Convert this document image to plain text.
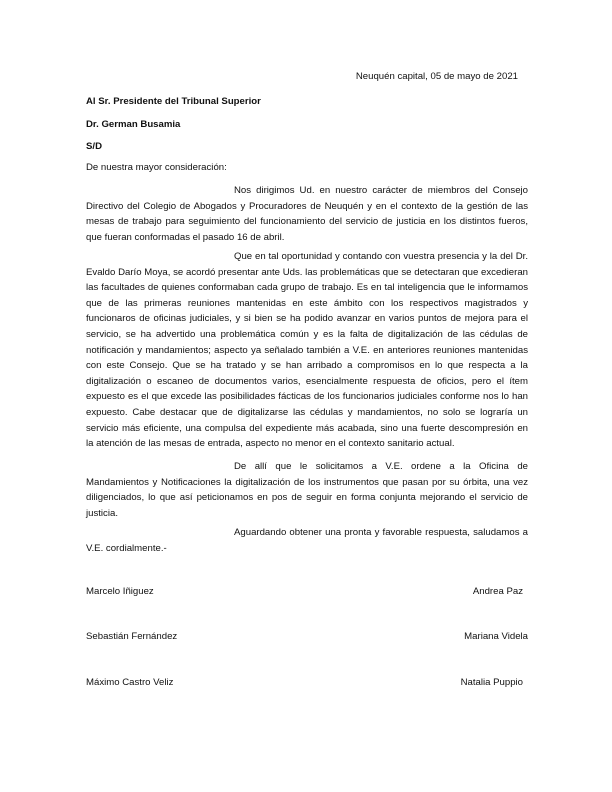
Neuquén capital, 05 de mayo de 2021
Al Sr. Presidente del Tribunal Superior
Dr. German Busamia
S/D
De nuestra mayor consideración:

Nos dirigimos Ud. en nuestro carácter de miembros del Consejo Directivo del Colegio de Abogados y Procuradores de Neuquén y en el contexto de la gestión de las mesas de trabajo para seguimiento del funcionamiento del servicio de justicia en los distintos fueros, que fueran conformadas el pasado 16 de abril.

Que en tal oportunidad y contando con vuestra presencia y la del Dr. Evaldo Darío Moya, se acordó presentar ante Uds. las problemáticas que se detectaran que excedieran las facultades de quienes conformaban cada grupo de trabajo. Es en tal inteligencia que le informamos que de las primeras reuniones mantenidas en este ámbito con los respectivos magistrados y funcionaros de oficinas judiciales, y si bien se ha podido avanzar en varios puntos de mejora para el servicio, se ha advertido una problemática común y es la falta de digitalización de las cédulas de notificación y mandamientos; aspecto ya señalado también a V.E. en anteriores reuniones mantenidas con este Consejo. Que se ha tratado y se han arribado a compromisos en lo que respecta a la digitalización o escaneo de documentos varios, esencialmente respuesta de oficios, pero el ítem expuesto es el que excede las posibilidades fácticas de los funcionarios judiciales conforme nos lo han expuesto. Cabe destacar que de digitalizarse las cédulas y mandamientos, no solo se lograría un servicio más eficiente, una compulsa del expediente más acabada, sino una fuerte descompresión en la atención de las mesas de entrada, aspecto no menor en el contexto sanitario actual.

De allí que le solicitamos a V.E. ordene a la Oficina de Mandamientos y Notificaciones la digitalización de los instrumentos que pasan por su órbita, una vez diligenciados, lo que así peticionamos en pos de seguir en forma conjunta mejorando el servicio de justicia.

Aguardando obtener una pronta y favorable respuesta, saludamos a V.E. cordialmente.-

Marcelo Iñiguez
Sebastián Fernández
Máximo Castro Veliz
Andrea Paz
Mariana Videla
Natalia Puppio
